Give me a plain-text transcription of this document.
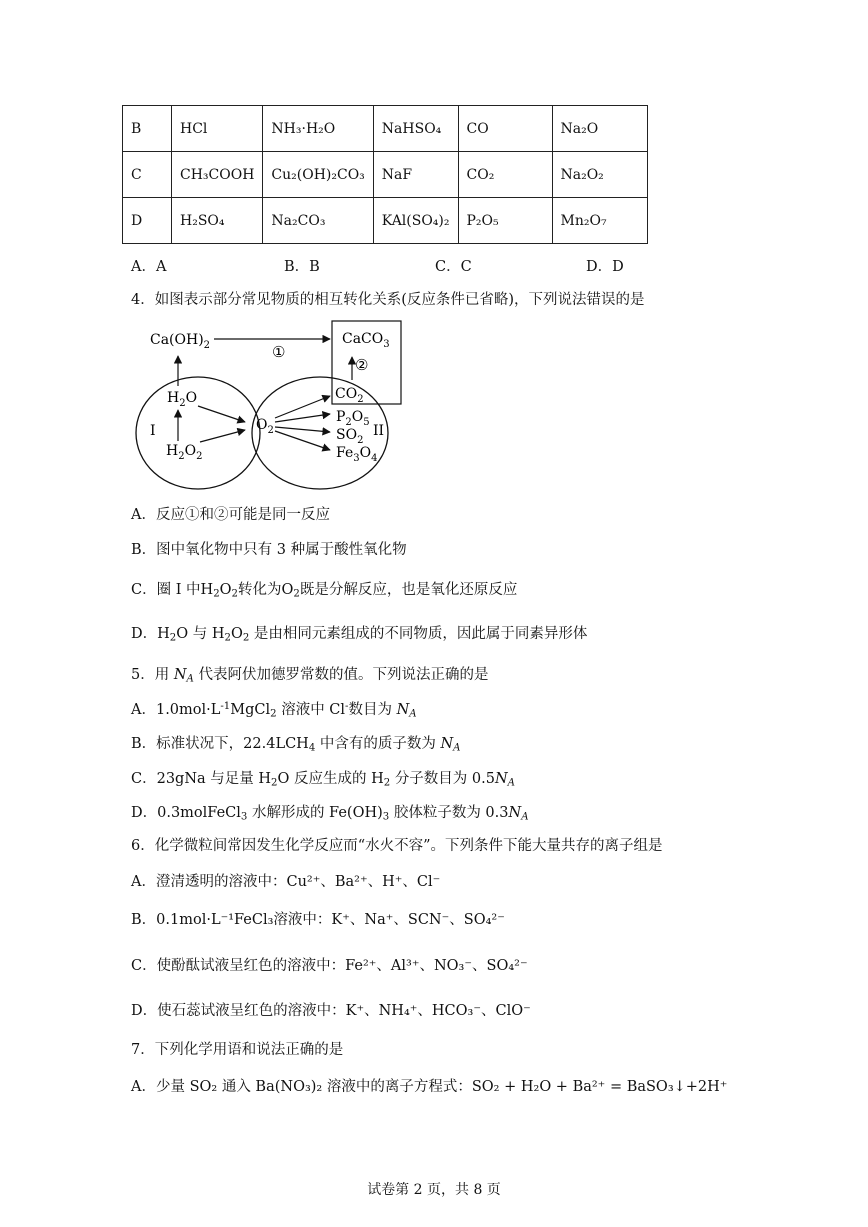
B	HCl	NH₃·H₂O	NaHSO₄	CO	Na₂O
C	CH₃COOH	Cu₂(OH)₂CO₃	NaF	CO₂	Na₂O₂
D	H₂SO₄	Na₂CO₃	KAl(SO₄)₂	P₂O₅	Mn₂O₇
A．A	B．B	C．C	D．D
4．如图表示部分常见物质的相互转化关系(反应条件已省略)，下列说法错误的是
$Ca(OH)_2$	CaCO$_3$
①
②
$H_2O$
$H_2O_2$
$O_2$
$CO_2$
$P_2O_5$
$SO_2$
$Fe_3O_4$
I	II
A．反应①和②可能是同一反应
B．图中氧化物中只有 3 种属于酸性氧化物
C．圈 I 中$H_2O_2$转化为$O_2$既是分解反应，也是氧化还原反应
D．$H_2O$ 与 $H_2O_2$ 是由相同元素组成的不同物质，因此属于同素异形体
5．用 $N_A$ 代表阿伏加德罗常数的值。下列说法正确的是
A．$1.0mol\cdot L^{-1}MgCl_2$ 溶液中 Cl-数目为 $N_A$
B．标准状况下，$22.4LCH_4$ 中含有的质子数为 $N_A$
C．23gNa 与足量 $H_2O$ 反应生成的 $H_2$ 分子数目为 $0.5N_A$
D．0.3molFeCl$_3$ 水解形成的 $Fe(OH)_3$ 胶体粒子数为 $0.3N_A$
6．化学微粒间常因发生化学反应而“水火不容”。下列条件下能大量共存的离子组是
A．澄清透明的溶液中：Cu²⁺、Ba²⁺、H⁺、Cl⁻
B．0.1mol·L⁻¹FeCl₃溶液中：K⁺、Na⁺、SCN⁻、SO₄²⁻
C．使酚酞试液呈红色的溶液中：Fe²⁺、Al³⁺、NO₃⁻、SO₄²⁻
D．使石蕊试液呈红色的溶液中：K⁺、NH₄⁺、HCO₃⁻、ClO⁻
7．下列化学用语和说法正确的是
A．少量 SO₂ 通入 Ba(NO₃)₂ 溶液中的离子方程式：SO₂ + H₂O + Ba²⁺ = BaSO₃↓+2H⁺
试卷第 2 页，共 8 页
